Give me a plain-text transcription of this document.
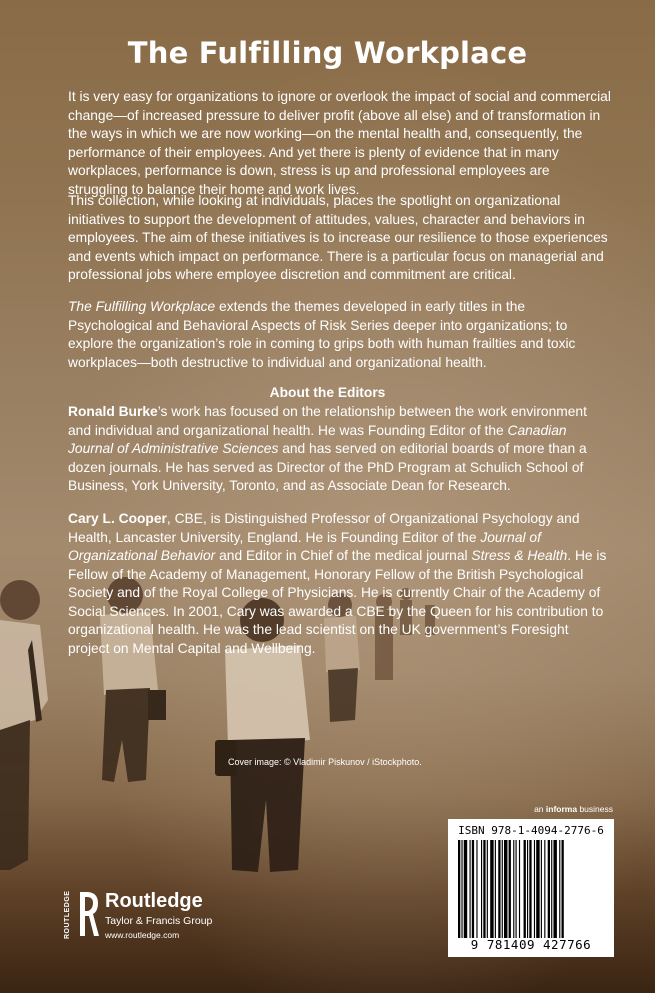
The Fulfilling Workplace

It is very easy for organizations to ignore or overlook the impact of social and commercial change—of increased pressure to deliver profit (above all else) and of transformation in the ways in which we are now working—on the mental health and, consequently, the performance of their employees. And yet there is plenty of evidence that in many workplaces, performance is down, stress is up and professional employees are struggling to balance their home and work lives.

This collection, while looking at individuals, places the spotlight on organizational initiatives to support the development of attitudes, values, character and behaviors in employees. The aim of these initiatives is to increase our resilience to those experiences and events which impact on performance. There is a particular focus on managerial and professional jobs where employee discretion and commitment are critical.

The Fulfilling Workplace extends the themes developed in early titles in the Psychological and Behavioral Aspects of Risk Series deeper into organizations; to explore the organization’s role in coming to grips both with human frailties and toxic workplaces—both destructive to individual and organizational health.

About the Editors

Ronald Burke’s work has focused on the relationship between the work environment and individual and organizational health. He was Founding Editor of the Canadian Journal of Administrative Sciences and has served on editorial boards of more than a dozen journals. He has served as Director of the PhD Program at Schulich School of Business, York University, Toronto, and as Associate Dean for Research.

Cary L. Cooper, CBE, is Distinguished Professor of Organizational Psychology and Health, Lancaster University, England. He is Founding Editor of the Journal of Organizational Behavior and Editor in Chief of the medical journal Stress & Health. He is Fellow of the Academy of Management, Honorary Fellow of the British Psychological Society and of the Royal College of Physicians. He is currently Chair of the Academy of Social Sciences. In 2001, Cary was awarded a CBE by the Queen for his contribution to organizational health. He was the lead scientist on the UK government’s Foresight project on Mental Capital and Wellbeing.

Cover image: © Vladimir Piskunov / iStockphoto.
an informa business
ISBN 978-1-4094-2776-6
9 781409 427766
ROUTLEDGE Routledge
Taylor & Francis Group
www.routledge.com
